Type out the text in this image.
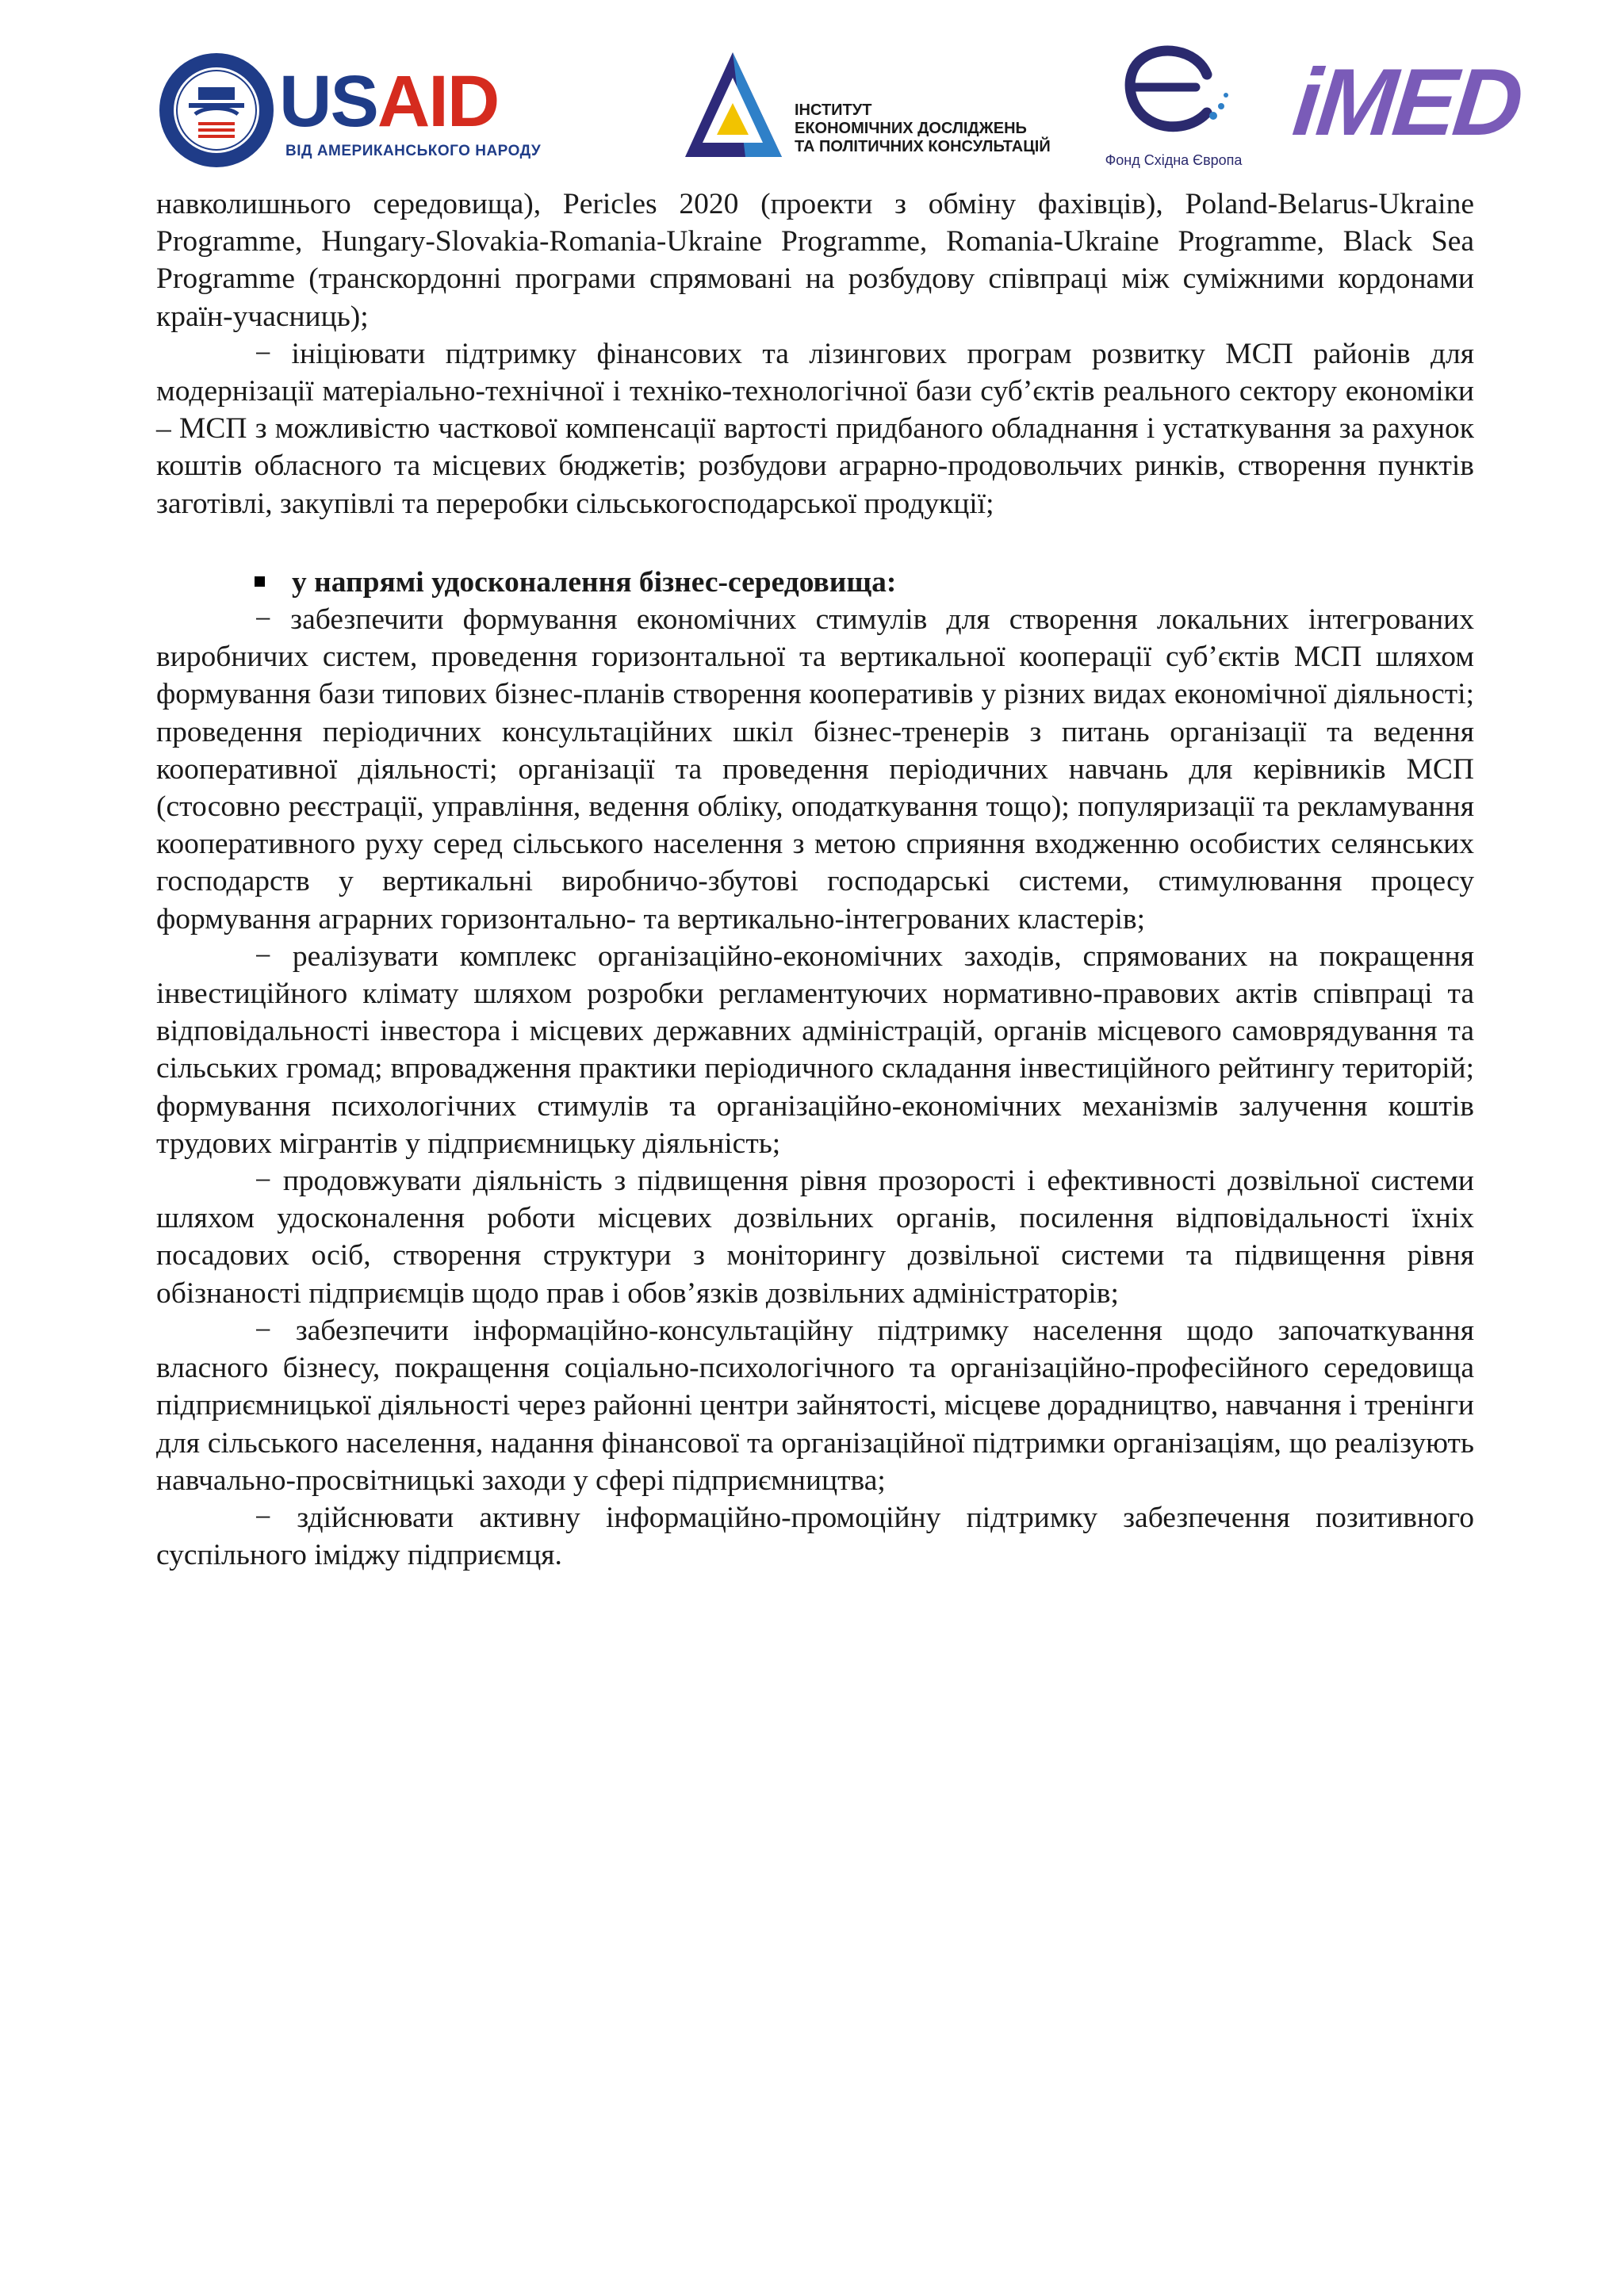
USAID
ВІД АМЕРИКАНСЬКОГО НАРОДУ
ІНСТИТУТ
ЕКОНОМІЧНИХ ДОСЛІДЖЕНЬ
ТА ПОЛІТИЧНИХ КОНСУЛЬТАЦІЙ
Фонд Східна Європа
iMED

навколишнього середовища), Pericles 2020 (проекти з обміну фахівців), Poland-Belarus-Ukraine Programme, Hungary-Slovakia-Romania-Ukraine Programme, Romania-Ukraine Programme, Black Sea Programme (транскордонні програми спрямовані на розбудову співпраці між суміжними кордонами країн-учасниць);

− ініціювати підтримку фінансових та лізингових програм розвитку МСП районів для модернізації матеріально-технічної і техніко-технологічної бази суб’єктів реального сектору економіки – МСП з можливістю часткової компенсації вартості придбаного обладнання і устаткування за рахунок коштів обласного та місцевих бюджетів; розбудови аграрно-продовольчих ринків, створення пунктів заготівлі, закупівлі та переробки сільськогосподарської продукції;

у напрямі удосконалення бізнес-середовища:

− забезпечити формування економічних стимулів для створення локальних інтегрованих виробничих систем, проведення горизонтальної та вертикальної кооперації суб’єктів МСП шляхом формування бази типових бізнес-планів створення кооперативів у різних видах економічної діяльності; проведення періодичних консультаційних шкіл бізнес-тренерів з питань організації та ведення кооперативної діяльності; організації та проведення періодичних навчань для керівників МСП (стосовно реєстрації, управління, ведення обліку, оподаткування тощо); популяризації та рекламування кооперативного руху серед сільського населення з метою сприяння входженню особистих селянських господарств у вертикальні виробничо-збутові господарські системи, стимулювання процесу формування аграрних горизонтально- та вертикально-інтегрованих кластерів;

− реалізувати комплекс організаційно-економічних заходів, спрямованих на покращення інвестиційного клімату шляхом розробки регламентуючих нормативно-правових актів співпраці та відповідальності інвестора і місцевих державних адміністрацій, органів місцевого самоврядування та сільських громад; впровадження практики періодичного складання інвестиційного рейтингу територій; формування психологічних стимулів та організаційно-економічних механізмів залучення коштів трудових мігрантів у підприємницьку діяльність;

− продовжувати діяльність з підвищення рівня прозорості і ефективності дозвільної системи шляхом удосконалення роботи місцевих дозвільних органів, посилення відповідальності їхніх посадових осіб, створення структури з моніторингу дозвільної системи та підвищення рівня обізнаності підприємців щодо прав і обов’язків дозвільних адміністраторів;

− забезпечити інформаційно-консультаційну підтримку населення щодо започаткування власного бізнесу, покращення соціально-психологічного та організаційно-професійного середовища підприємницької діяльності через районні центри зайнятості, місцеве дорадництво, навчання і тренінги для сільського населення, надання фінансової та організаційної підтримки організаціям, що реалізують навчально-просвітницькі заходи у сфері підприємництва;

− здійснювати активну інформаційно-промоційну підтримку забезпечення позитивного суспільного іміджу підприємця.
